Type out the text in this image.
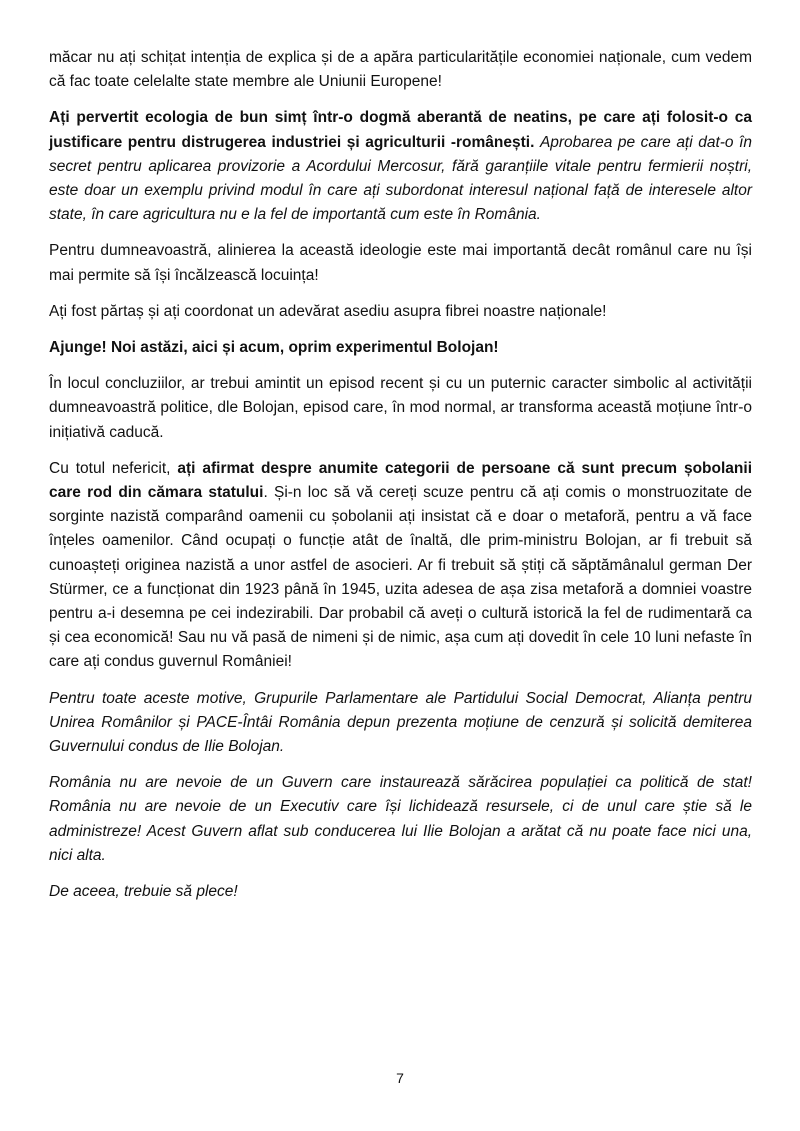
măcar nu ați schițat intenția de explica și de a apăra particularitățile economiei naționale, cum vedem că fac toate celelalte state membre ale Uniunii Europene!

Ați pervertit ecologia de bun simț într-o dogmă aberantă de neatins, pe care ați folosit-o ca justificare pentru distrugerea industriei și agriculturii -românești. Aprobarea pe care ați dat-o în secret pentru aplicarea provizorie a Acordului Mercosur, fără garanțiile vitale pentru fermierii noștri, este doar un exemplu privind modul în care ați subordonat interesul național față de interesele altor state, în care agricultura nu e la fel de importantă cum este în România.

Pentru dumneavoastră, alinierea la această ideologie este mai importantă decât românul care nu își mai permite să își încălzească locuința!

Ați fost părtaș și ați coordonat un adevărat asediu asupra fibrei noastre naționale!

Ajunge! Noi astăzi, aici și acum, oprim experimentul Bolojan!

În locul concluziilor, ar trebui amintit un episod recent și cu un puternic caracter simbolic al activității dumneavoastră politice, dle Bolojan, episod care, în mod normal, ar transforma această moțiune într-o inițiativă caducă.

Cu totul nefericit, ați afirmat despre anumite categorii de persoane că sunt precum șobolanii care rod din cămara statului. Și-n loc să vă cereți scuze pentru că ați comis o monstruozitate de sorginte nazistă comparând oamenii cu șobolanii ați insistat că e doar o metaforă, pentru a vă face înțeles oamenilor. Când ocupați o funcție atât de înaltă, dle prim-ministru Bolojan, ar fi trebuit să cunoașteți originea nazistă a unor astfel de asocieri. Ar fi trebuit să știți că săptămânalul german Der Stürmer, ce a funcționat din 1923 până în 1945, uzita adesea de așa zisa metaforă a domniei voastre pentru a-i desemna pe cei indezirabili. Dar probabil că aveți o cultură istorică la fel de rudimentară ca și cea economică! Sau nu vă pasă de nimeni și de nimic, așa cum ați dovedit în cele 10 luni nefaste în care ați condus guvernul României!

Pentru toate aceste motive, Grupurile Parlamentare ale Partidului Social Democrat, Alianța pentru Unirea Românilor și PACE-Întâi România depun prezenta moțiune de cenzură și solicită demiterea Guvernului condus de Ilie Bolojan.

România nu are nevoie de un Guvern care instaurează sărăcirea populației ca politică de stat! România nu are nevoie de un Executiv care își lichidează resursele, ci de unul care știe să le administreze! Acest Guvern aflat sub conducerea lui Ilie Bolojan a arătat că nu poate face nici una, nici alta.

De aceea, trebuie să plece!

7
